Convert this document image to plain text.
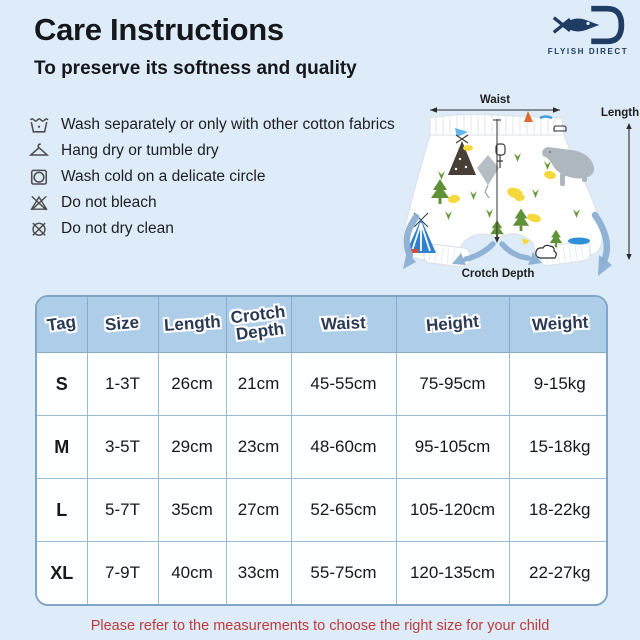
Care Instructions
To preserve its softness and quality
FLYISH DIRECT
Wash separately or only with other cotton fabrics
Hang dry or tumble dry
Wash cold on a delicate circle
Do not bleach
Do not dry clean
Waist
Length
Crotch Depth
Tag	Size	Length	Crotch Depth	Waist	Height	Weight
S	1-3T	26cm	21cm	45-55cm	75-95cm	9-15kg
M	3-5T	29cm	23cm	48-60cm	95-105cm	15-18kg
L	5-7T	35cm	27cm	52-65cm	105-120cm	18-22kg
XL	7-9T	40cm	33cm	55-75cm	120-135cm	22-27kg
Please refer to the measurements to choose the right size for your child
